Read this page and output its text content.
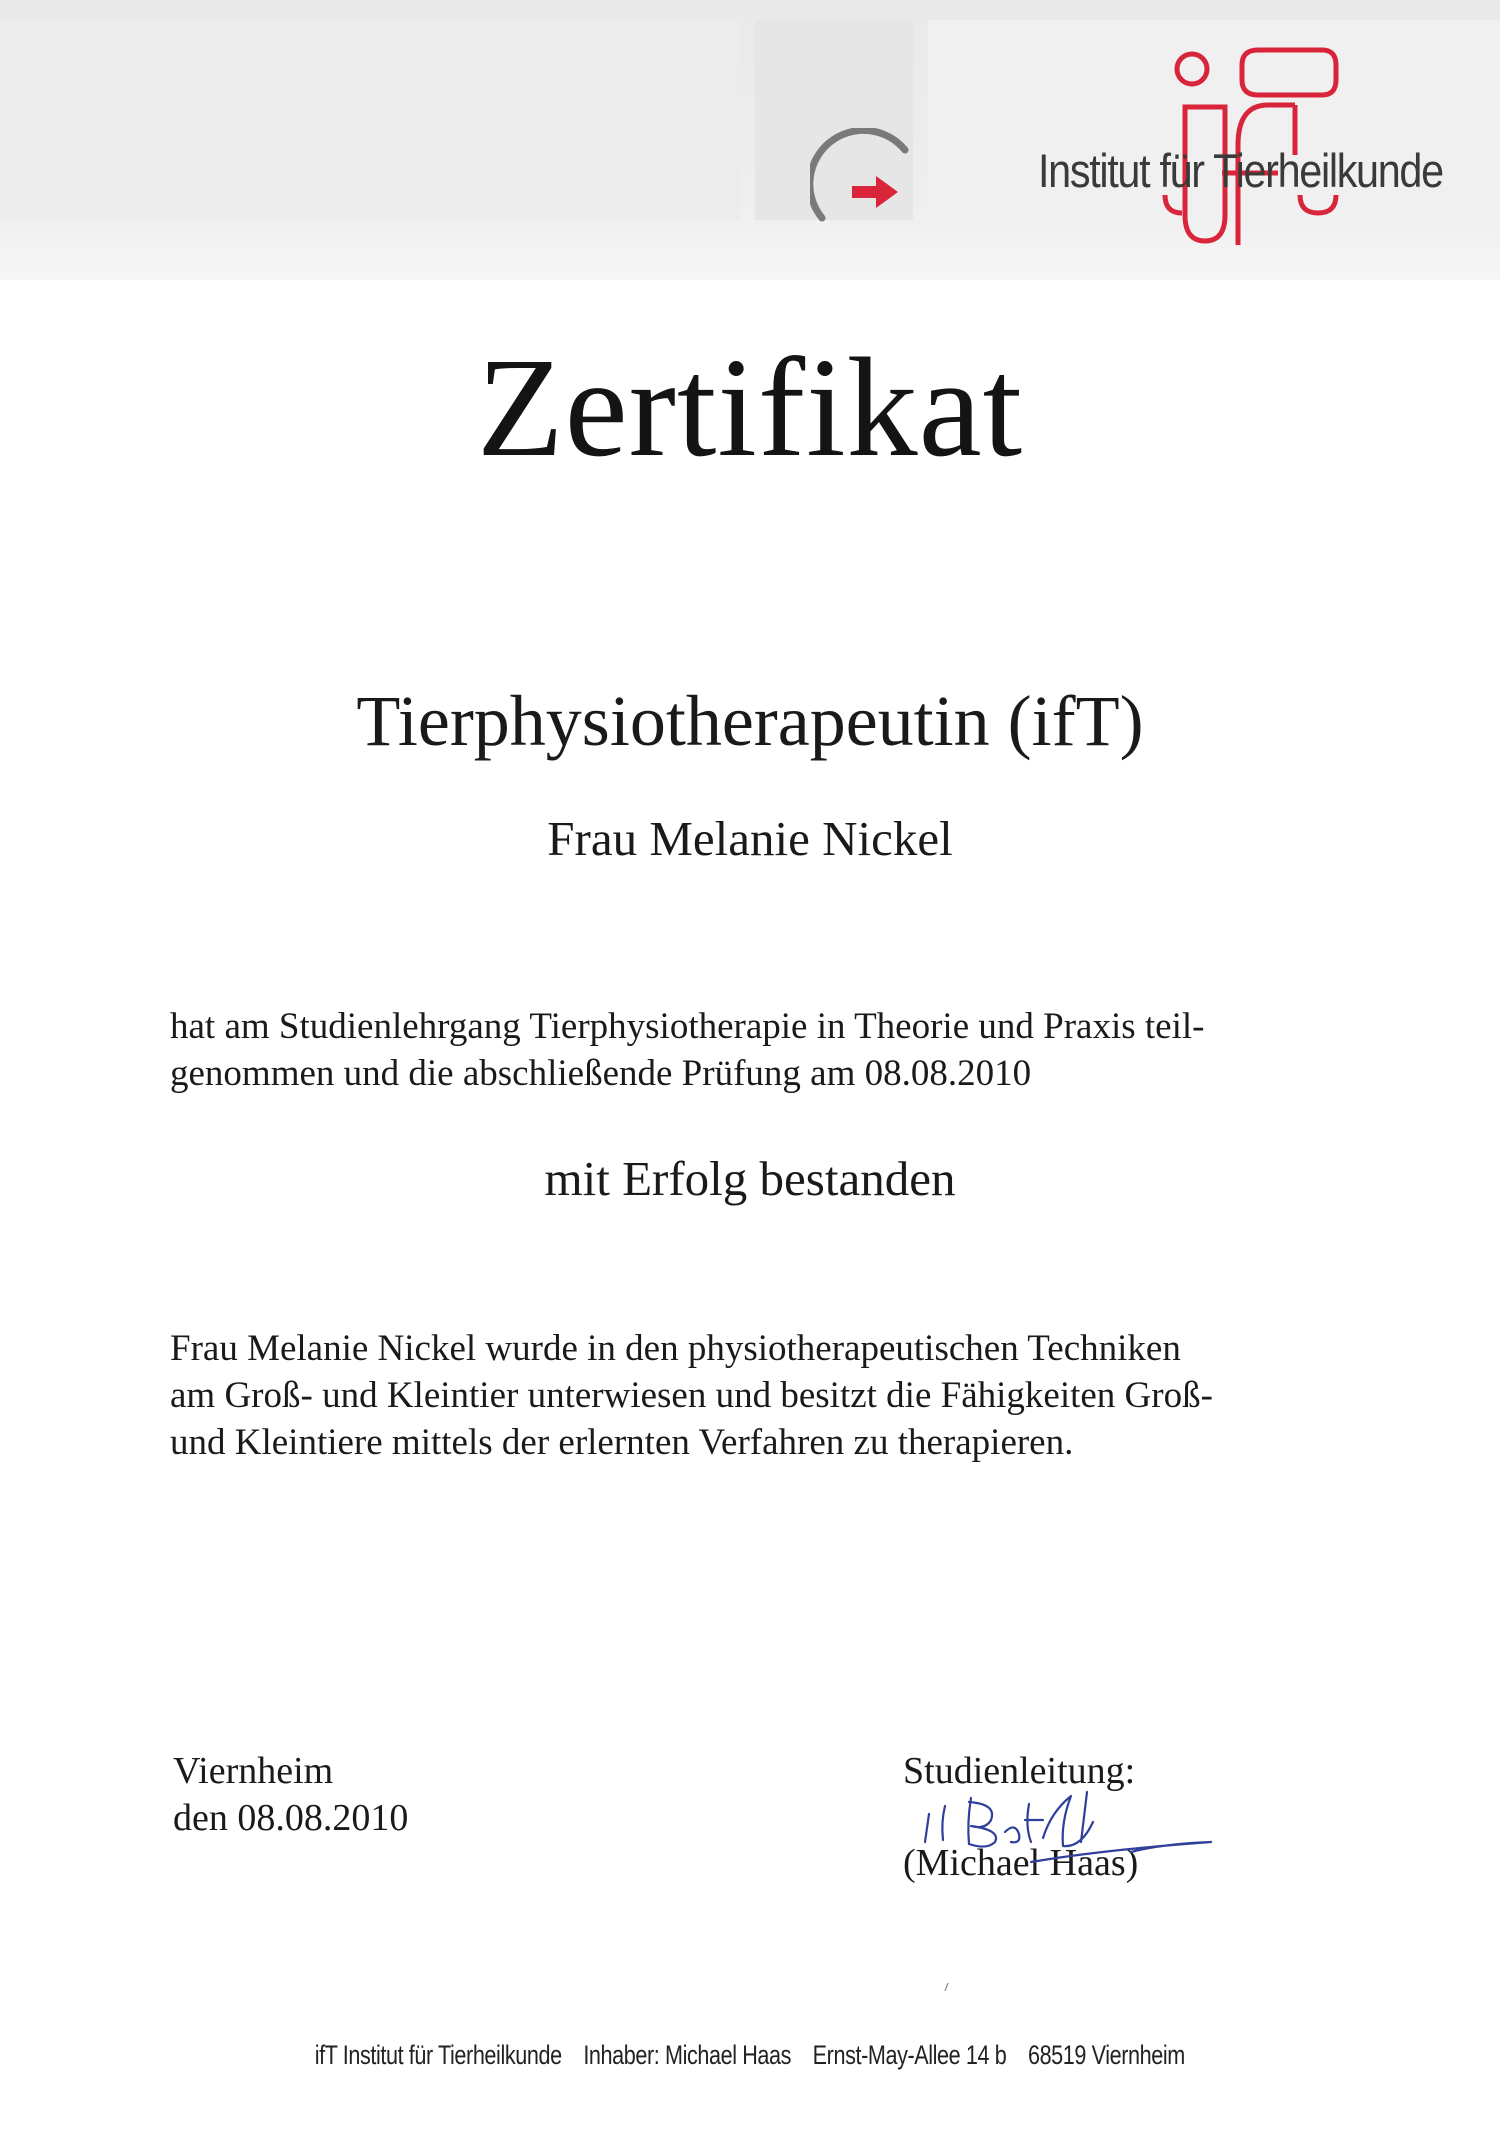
Institut für Tierheilkunde
Zertifikat
Tierphysiotherapeutin (ifT)
Frau Melanie Nickel
hat am Studienlehrgang Tierphysiotherapie in Theorie und Praxis teil-
genommen und die abschließende Prüfung am 08.08.2010
mit Erfolg bestanden
Frau Melanie Nickel wurde in den physiotherapeutischen Techniken
am Groß- und Kleintier unterwiesen und besitzt die Fähigkeiten Groß-
und Kleintiere mittels der erlernten Verfahren zu therapieren.
Viernheim
den 08.08.2010
Studienleitung:
(Michael Haas)
ifT Institut für Tierheilkunde Inhaber: Michael Haas Ernst-May-Allee 14 b 68519 Viernheim
